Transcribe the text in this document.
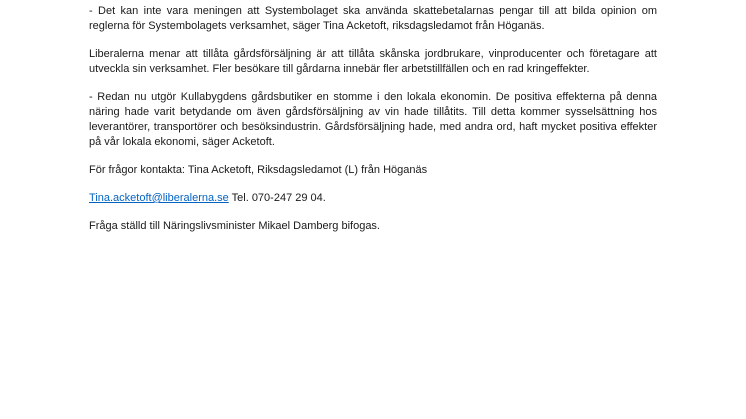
- Det kan inte vara meningen att Systembolaget ska använda skattebetalarnas pengar till att bilda opinion om reglerna för Systembolagets verksamhet, säger Tina Acketoft, riksdagsledamot från Höganäs.

Liberalerna menar att tillåta gårdsförsäljning är att tillåta skånska jordbrukare, vinproducenter och företagare att utveckla sin verksamhet. Fler besökare till gårdarna innebär fler arbetstillfällen och en rad kringeffekter.

- Redan nu utgör Kullabygdens gårdsbutiker en stomme i den lokala ekonomin. De positiva effekterna på denna näring hade varit betydande om även gårdsförsäljning av vin hade tillåtits. Till detta kommer sysselsättning hos leverantörer, transportörer och besöksindustrin. Gårdsförsäljning hade, med andra ord, haft mycket positiva effekter på vår lokala ekonomi, säger Acketoft.

För frågor kontakta: Tina Acketoft, Riksdagsledamot (L) från Höganäs

Tina.acketoft@liberalerna.se Tel. 070-247 29 04.

Fråga ställd till Näringslivsminister Mikael Damberg bifogas.
